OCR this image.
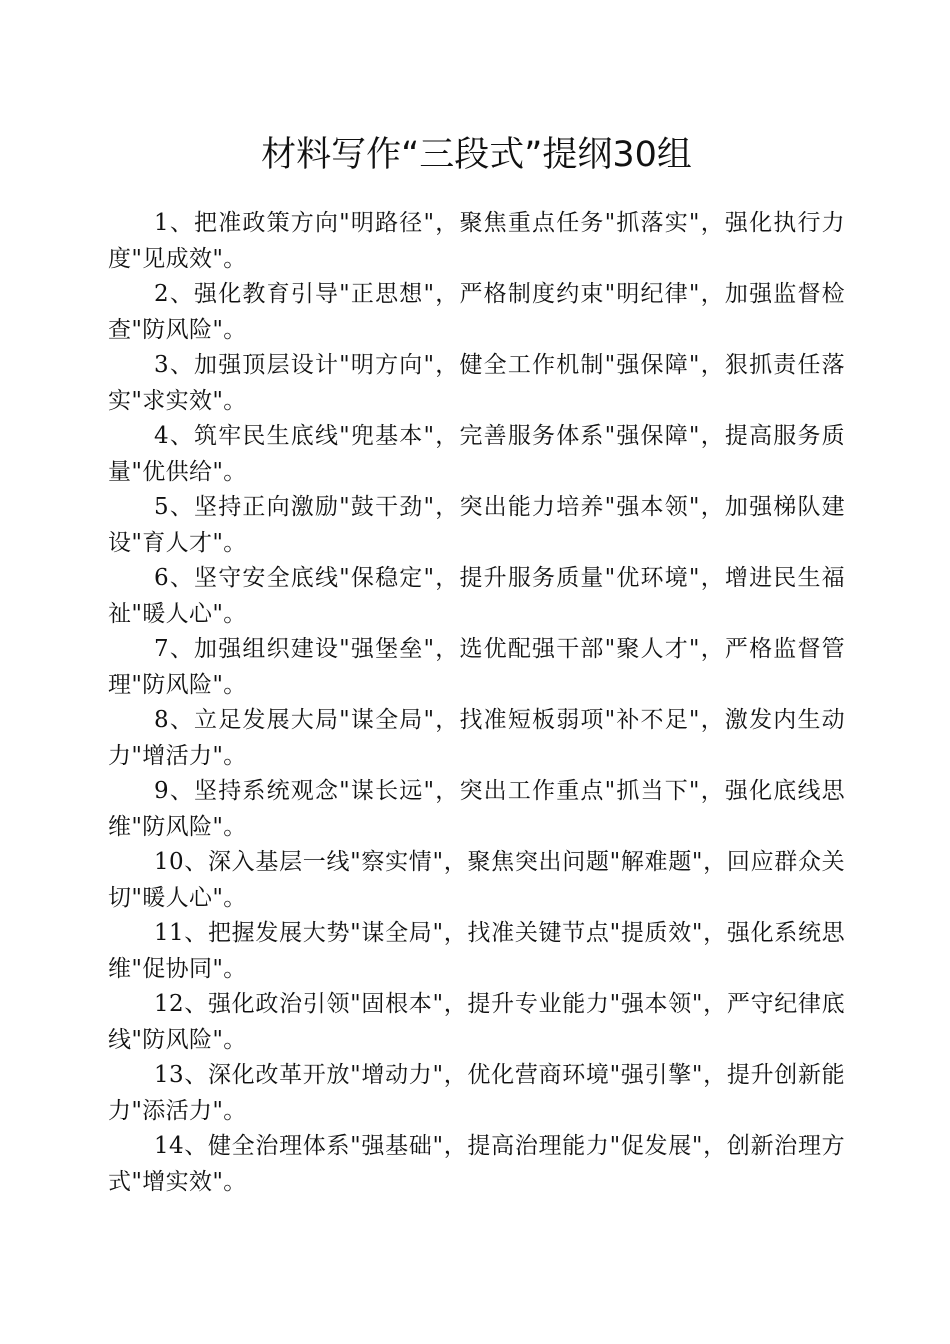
材料写作“三段式”提纲30组

1、把准政策方向"明路径"，聚焦重点任务"抓落实"，强化执行力度"见成效"。

2、强化教育引导"正思想"，严格制度约束"明纪律"，加强监督检查"防风险"。

3、加强顶层设计"明方向"，健全工作机制"强保障"，狠抓责任落实"求实效"。

4、筑牢民生底线"兜基本"，完善服务体系"强保障"，提高服务质量"优供给"。

5、坚持正向激励"鼓干劲"，突出能力培养"强本领"，加强梯队建设"育人才"。

6、坚守安全底线"保稳定"，提升服务质量"优环境"，增进民生福祉"暖人心"。

7、加强组织建设"强堡垒"，选优配强干部"聚人才"，严格监督管理"防风险"。

8、立足发展大局"谋全局"，找准短板弱项"补不足"，激发内生动力"增活力"。

9、坚持系统观念"谋长远"，突出工作重点"抓当下"，强化底线思维"防风险"。

10、深入基层一线"察实情"，聚焦突出问题"解难题"，回应群众关切"暖人心"。

11、把握发展大势"谋全局"，找准关键节点"提质效"，强化系统思维"促协同"。

12、强化政治引领"固根本"，提升专业能力"强本领"，严守纪律底线"防风险"。

13、深化改革开放"增动力"，优化营商环境"强引擎"，提升创新能力"添活力"。

14、健全治理体系"强基础"，提高治理能力"促发展"，创新治理方式"增实效"。
